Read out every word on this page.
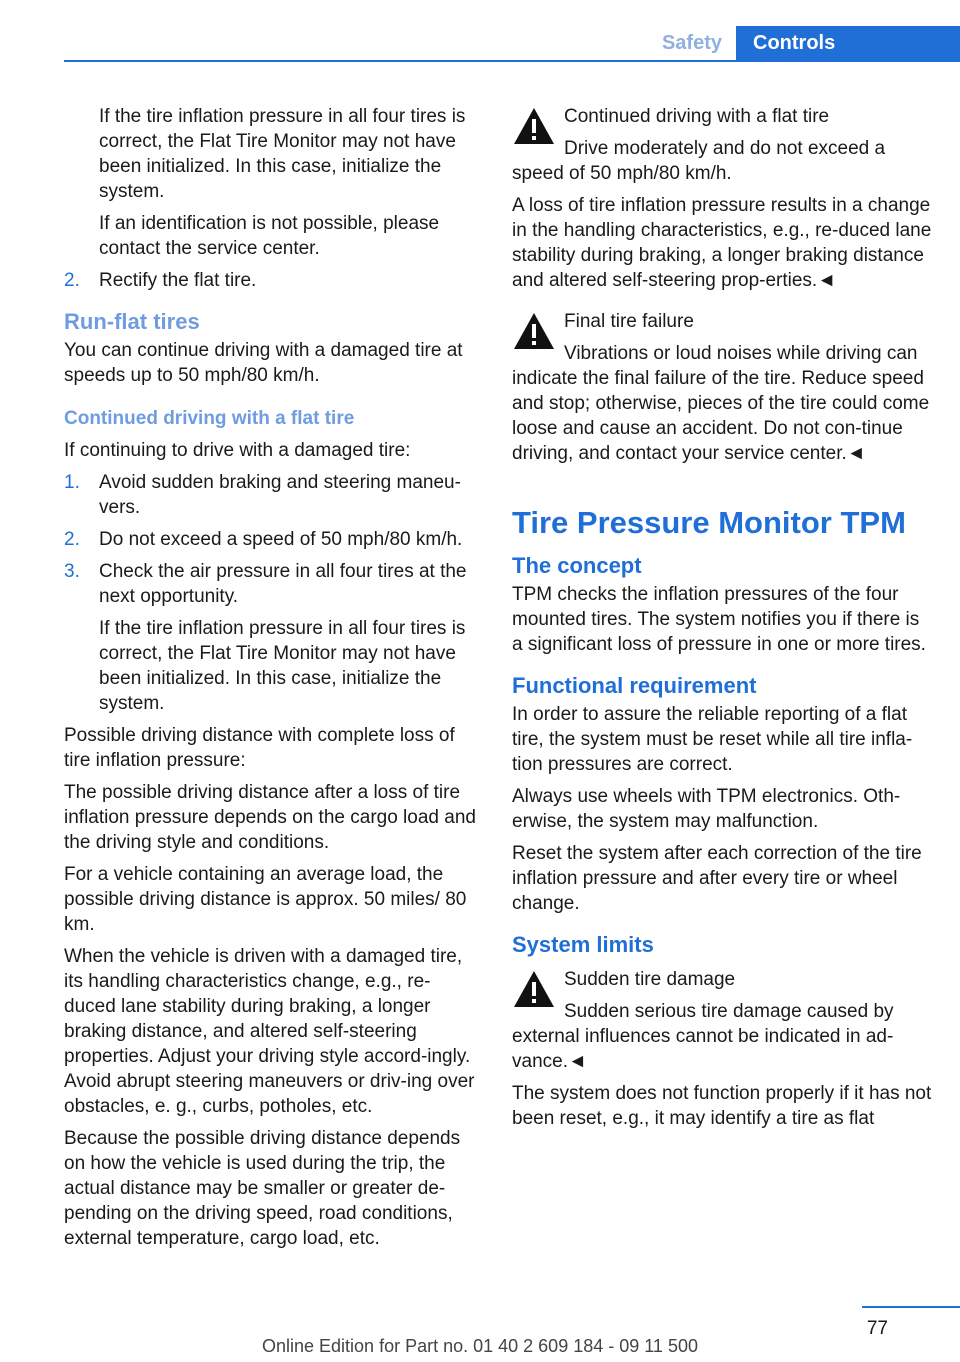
Safety	Controls

If the tire inflation pressure in all four tires is correct, the Flat Tire Monitor may not have been initialized. In this case, initialize the system.

If an identification is not possible, please contact the service center.

2. Rectify the flat tire.
Run-flat tires

You can continue driving with a damaged tire at speeds up to 50 mph/80 km/h.

Continued driving with a flat tire

If continuing to drive with a damaged tire:

1. Avoid sudden braking and steering maneu-vers.
2. Do not exceed a speed of 50 mph/80 km/h.
3. Check the air pressure in all four tires at the next opportunity.

If the tire inflation pressure in all four tires is correct, the Flat Tire Monitor may not have been initialized. In this case, initialize the system.

Possible driving distance with complete loss of tire inflation pressure:

The possible driving distance after a loss of tire inflation pressure depends on the cargo load and the driving style and conditions.

For a vehicle containing an average load, the possible driving distance is approx. 50 miles/ 80 km.

When the vehicle is driven with a damaged tire, its handling characteristics change, e.g., re-duced lane stability during braking, a longer braking distance, and altered self-steering properties. Adjust your driving style accord-ingly. Avoid abrupt steering maneuvers or driv-ing over obstacles, e. g., curbs, potholes, etc.

Because the possible driving distance depends on how the vehicle is used during the trip, the actual distance may be smaller or greater de-pending on the driving speed, road conditions, external temperature, cargo load, etc.

Continued driving with a flat tire
Drive moderately and do not exceed a speed of 50 mph/80 km/h.

A loss of tire inflation pressure results in a change in the handling characteristics, e.g., re-duced lane stability during braking, a longer braking distance and altered self-steering prop-erties.◄

Final tire failure
Vibrations or loud noises while driving can indicate the final failure of the tire. Reduce speed and stop; otherwise, pieces of the tire could come loose and cause an accident. Do not con-tinue driving, and contact your service center.◄
Tire Pressure Monitor TPM
The concept

TPM checks the inflation pressures of the four mounted tires. The system notifies you if there is a significant loss of pressure in one or more tires.

Functional requirement

In order to assure the reliable reporting of a flat tire, the system must be reset while all tire infla-tion pressures are correct.

Always use wheels with TPM electronics. Oth-erwise, the system may malfunction.

Reset the system after each correction of the tire inflation pressure and after every tire or wheel change.

System limits
Sudden tire damage
Sudden serious tire damage caused by external influences cannot be indicated in ad-vance.◄

The system does not function properly if it has not been reset, e.g., it may identify a tire as flat

77
Online Edition for Part no. 01 40 2 609 184 - 09 11 500
